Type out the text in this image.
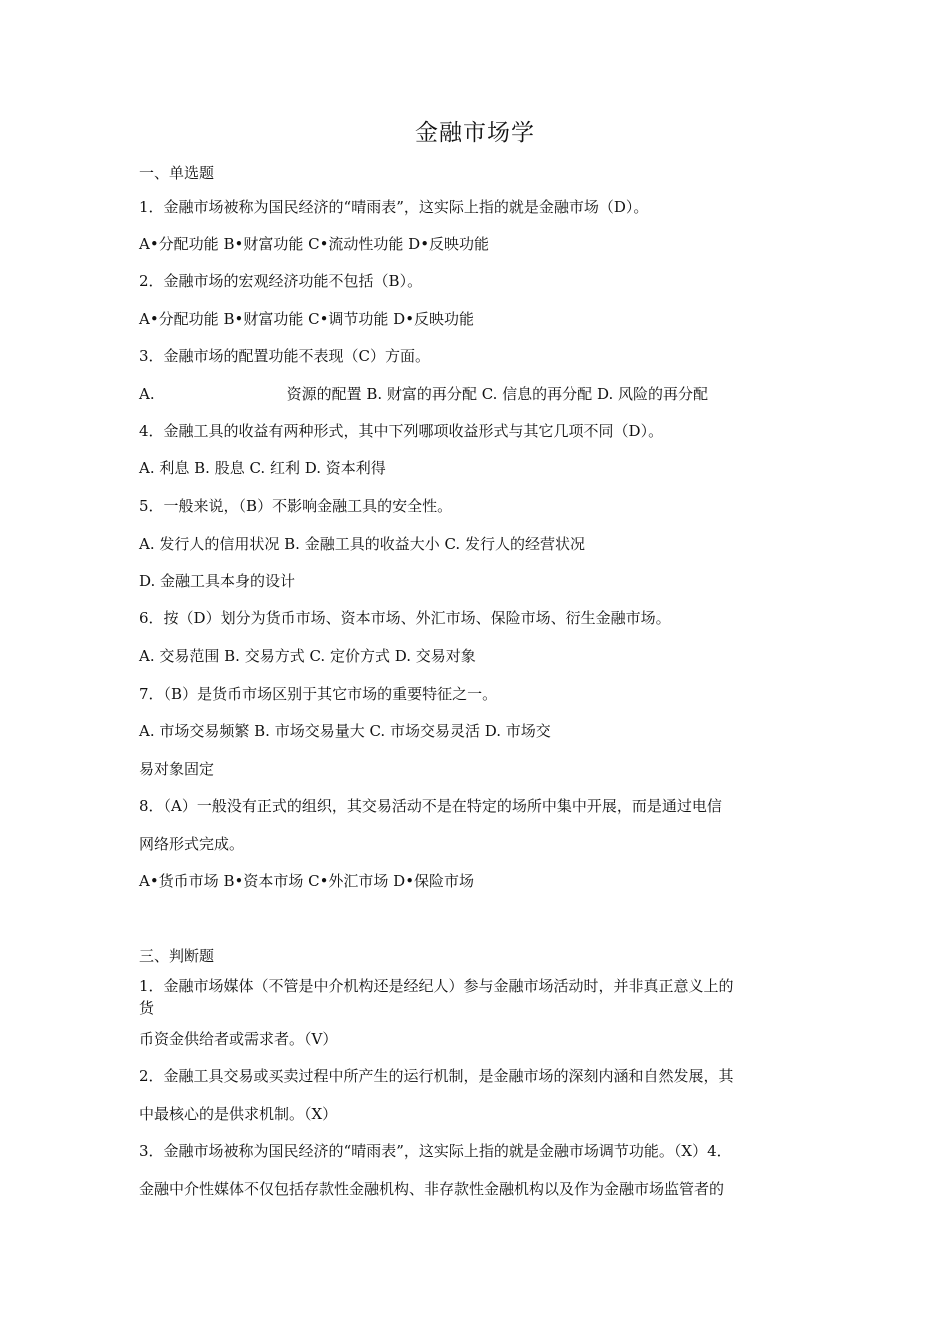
金融市场学
一、单选题
1．金融市场被称为国民经济的“晴雨表”，这实际上指的就是金融市场（D）。
A•分配功能 B•财富功能 C•流动性功能 D•反映功能
2．金融市场的宏观经济功能不包括（B）。
A•分配功能 B•财富功能 C•调节功能 D•反映功能
3．金融市场的配置功能不表现（C）方面。
A.	资源的配置 B. 财富的再分配 C. 信息的再分配 D. 风险的再分配
4．金融工具的收益有两种形式，其中下列哪项收益形式与其它几项不同（D）。
A. 利息 B. 股息 C. 红利 D. 资本利得
5．一般来说，（B）不影响金融工具的安全性。
A. 发行人的信用状况 B. 金融工具的收益大小 C. 发行人的经营状况
D. 金融工具本身的设计
6．按（D）划分为货币市场、资本市场、外汇市场、保险市场、衍生金融市场。
A. 交易范围 B. 交易方式 C. 定价方式 D. 交易对象
7．（B）是货币市场区别于其它市场的重要特征之一。
A. 市场交易频繁 B. 市场交易量大 C. 市场交易灵活 D. 市场交
易对象固定
8．（A）一般没有正式的组织，其交易活动不是在特定的场所中集中开展，而是通过电信
网络形式完成。
A•货币市场 B•资本市场 C•外汇市场 D•保险市场
三、判断题
1．金融市场媒体（不管是中介机构还是经纪人）参与金融市场活动时，并非真正意义上的
货
币资金供给者或需求者。（V）
2．金融工具交易或买卖过程中所产生的运行机制，是金融市场的深刻内涵和自然发展，其
中最核心的是供求机制。（X）
3．金融市场被称为国民经济的“晴雨表”，这实际上指的就是金融市场调节功能。（X）4．
金融中介性媒体不仅包括存款性金融机构、非存款性金融机构以及作为金融市场监管者的
